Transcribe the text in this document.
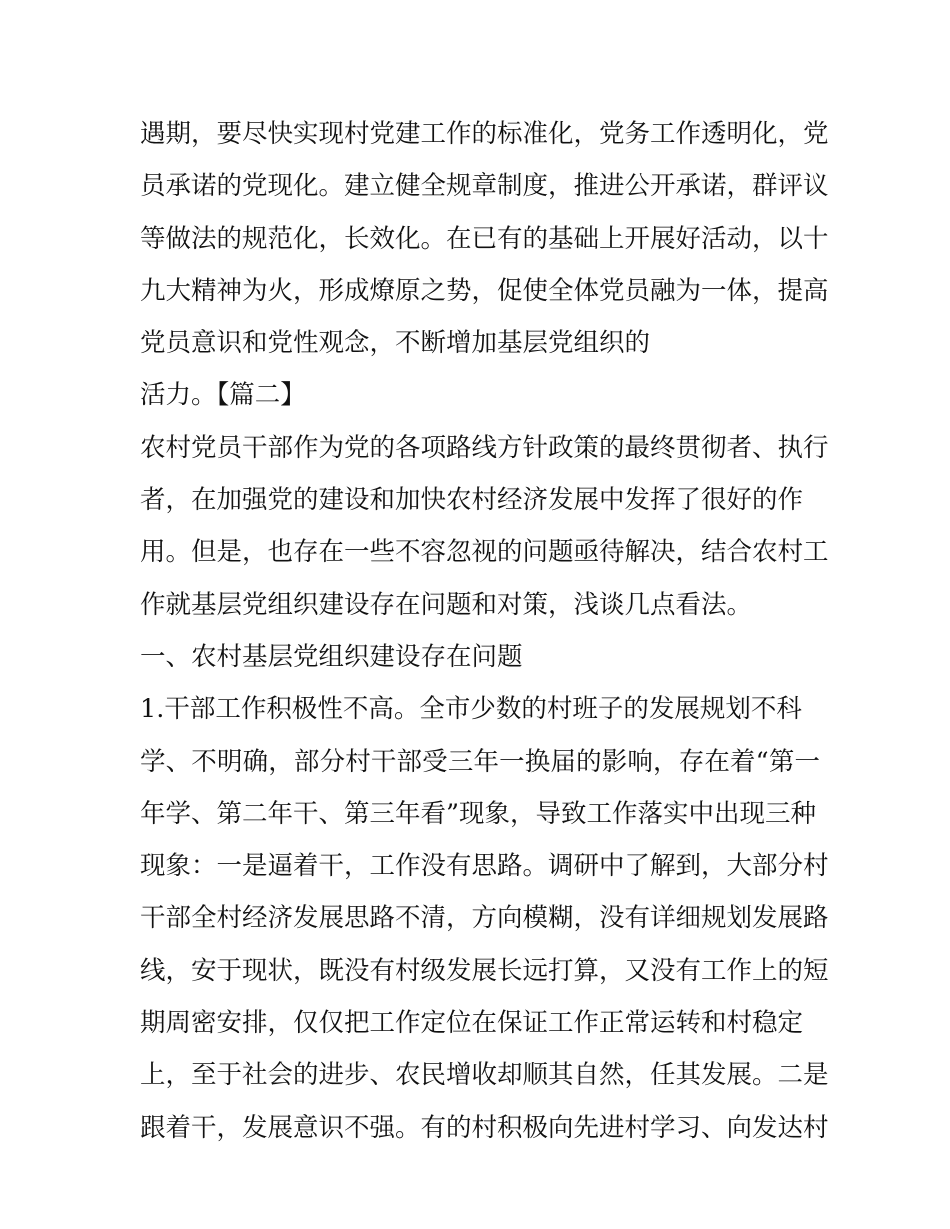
遇期，要尽快实现村党建工作的标准化，党务工作透明化，党
员承诺的党现化。建立健全规章制度，推进公开承诺，群评议
等做法的规范化，长效化。在已有的基础上开展好活动，以十
九大精神为火，形成燎原之势，促使全体党员融为一体，提高
党员意识和党性观念，不断增加基层党组织的
活力。【篇二】
农村党员干部作为党的各项路线方针政策的最终贯彻者、执行
者，在加强党的建设和加快农村经济发展中发挥了很好的作
用。但是，也存在一些不容忽视的问题亟待解决，结合农村工
作就基层党组织建设存在问题和对策，浅谈几点看法。
一、农村基层党组织建设存在问题
1.干部工作积极性不高。全市少数的村班子的发展规划不科
学、不明确，部分村干部受三年一换届的影响，存在着“第一
年学、第二年干、第三年看”现象，导致工作落实中出现三种
现象：一是逼着干，工作没有思路。调研中了解到，大部分村
干部全村经济发展思路不清，方向模糊，没有详细规划发展路
线，安于现状，既没有村级发展长远打算，又没有工作上的短
期周密安排，仅仅把工作定位在保证工作正常运转和村稳定
上，至于社会的进步、农民增收却顺其自然，任其发展。二是
跟着干，发展意识不强。有的村积极向先进村学习、向发达村
